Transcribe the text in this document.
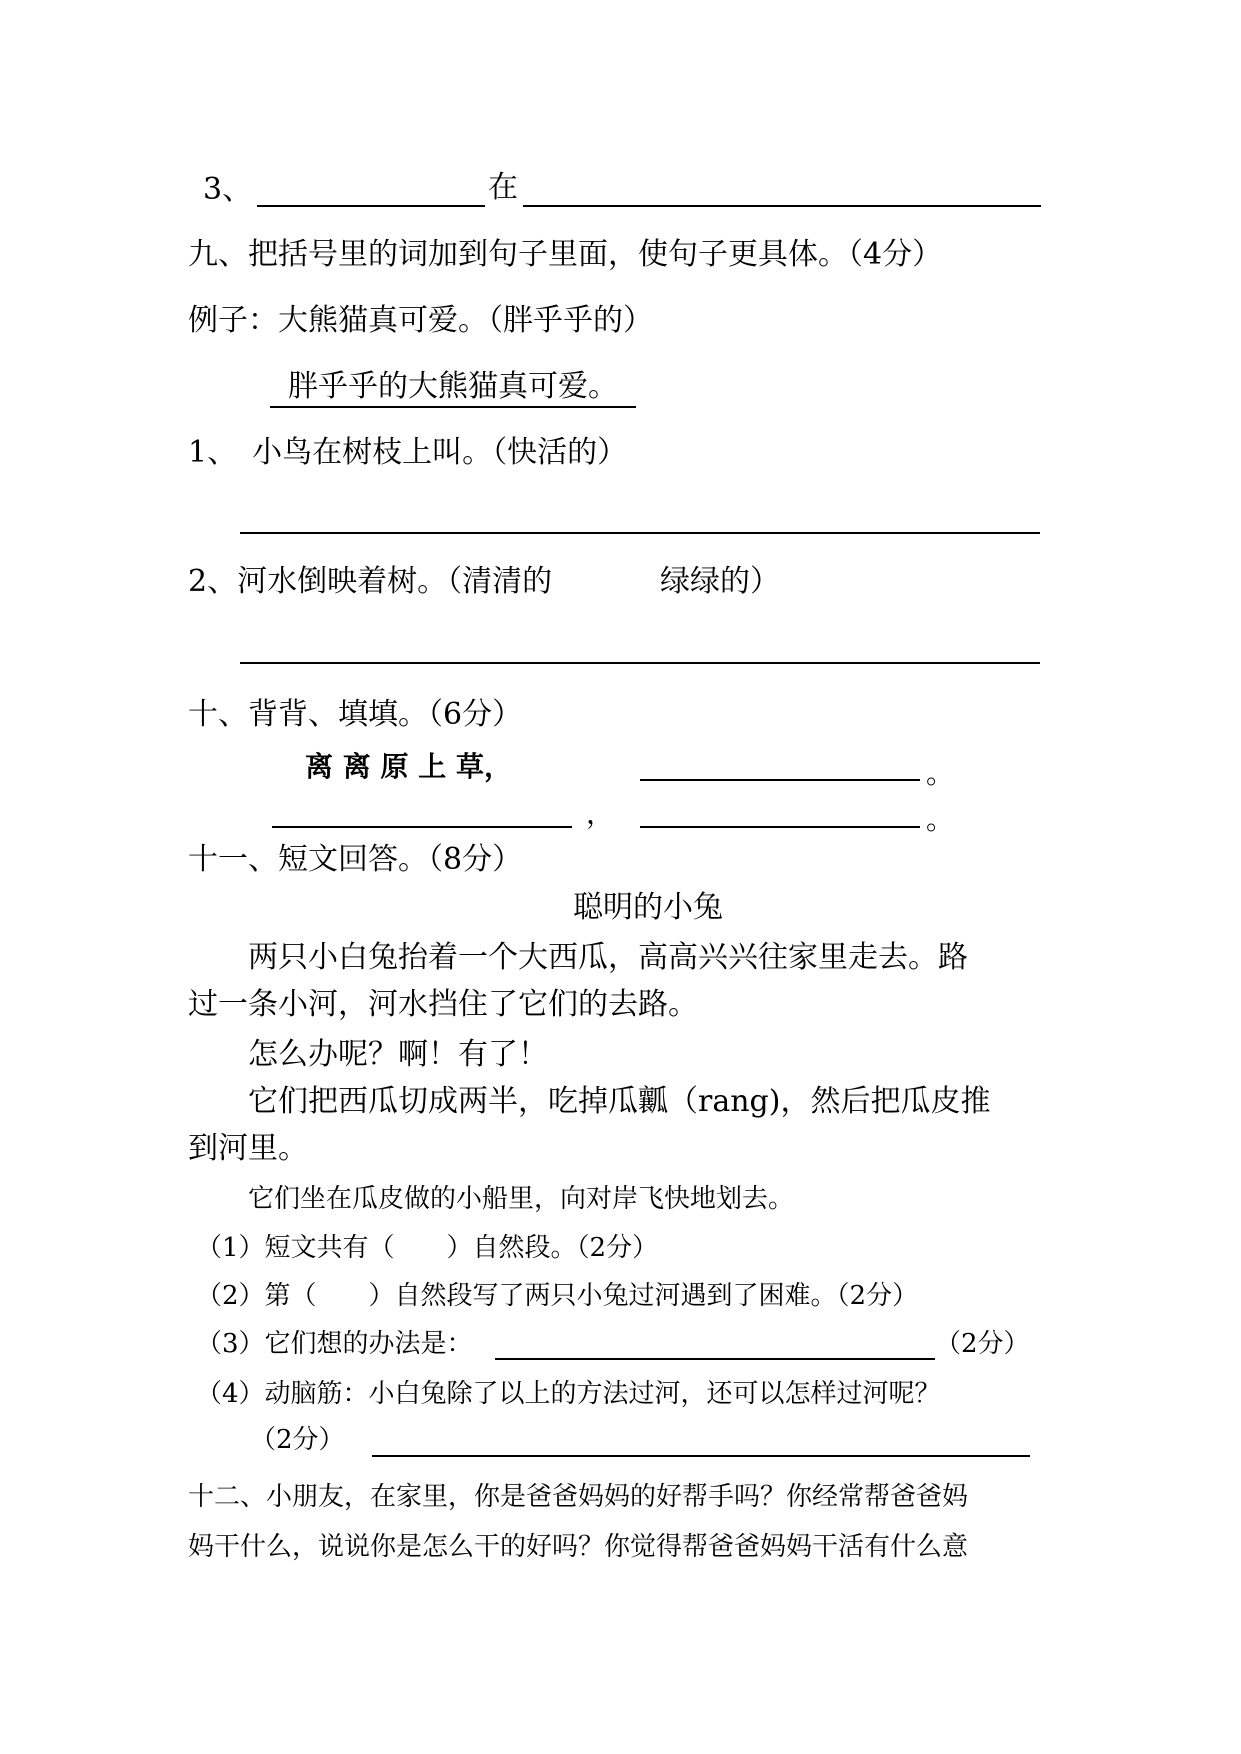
3、	在
九、把括号里的词加到句子里面，使句子更具体。（4分）
例子：大熊猫真可爱。（胖乎乎的）
胖乎乎的大熊猫真可爱。
1、　小鸟在树枝上叫。（快活的）
2、河水倒映着树。（清清的	绿绿的）
十、背背、填填。（6分）
离 离 原 上 草，	。
，	。
十一、短文回答。（8分）
聪明的小兔
两只小白兔抬着一个大西瓜，高高兴兴往家里走去。路
过一条小河，河水挡住了它们的去路。
怎么办呢？啊！有了！
它们把西瓜切成两半，吃掉瓜瓤（rang)，然后把瓜皮推
到河里。
它们坐在瓜皮做的小船里，向对岸飞快地划去。
（1）短文共有（　　）自然段。（2分）
（2）第（　　）自然段写了两只小兔过河遇到了困难。（2分）
（3）它们想的办法是：	（2分）
（4）动脑筋：小白兔除了以上的方法过河，还可以怎样过河呢？
（2分）
十二、小朋友，在家里，你是爸爸妈妈的好帮手吗？你经常帮爸爸妈
妈干什么，说说你是怎么干的好吗？你觉得帮爸爸妈妈干活有什么意
